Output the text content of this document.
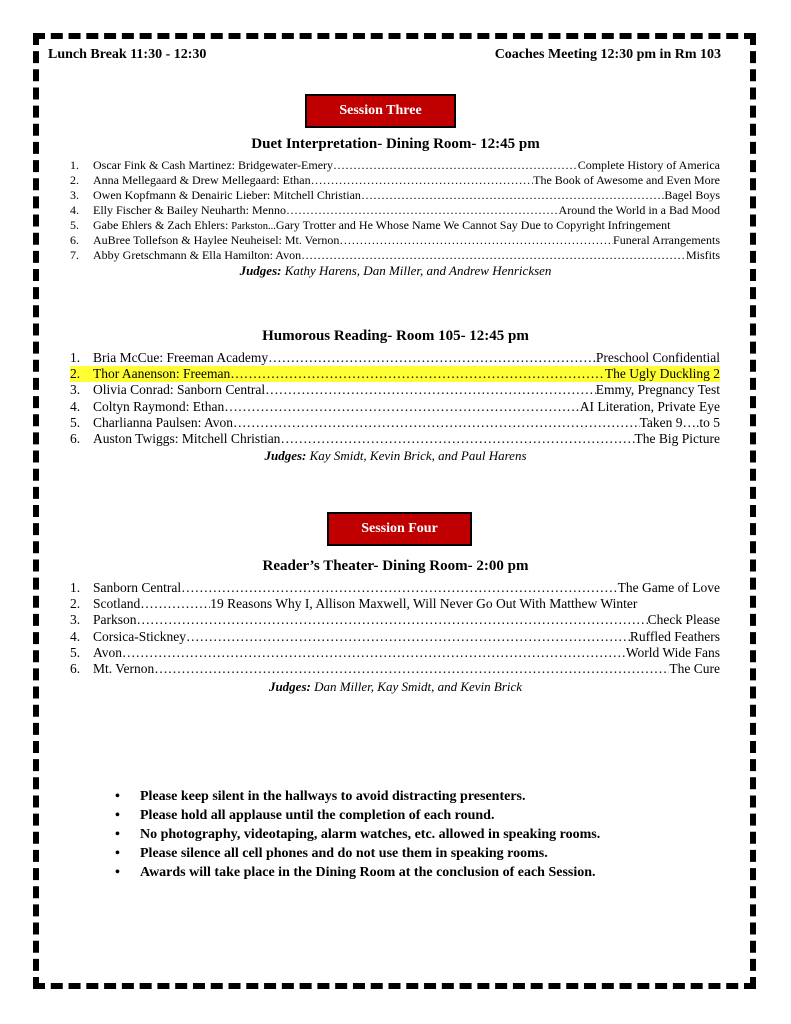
Lunch Break 11:30 - 12:30	Coaches Meeting 12:30 pm in Rm 103
Session Three
Duet Interpretation- Dining Room- 12:45 pm
1.	Oscar Fink & Cash Martinez: Bridgewater-Emery ……………………………………………………………………………………………………………………………………………………	Complete History of America
2.	Anna Mellegaard & Drew Mellegaard: Ethan ……………………………………………………………………………………………………………………………………………………	The Book of Awesome and Even More
3.	Owen Kopfmann & Denairic Lieber: Mitchell Christian ……………………………………………………………………………………………………………………………………………………	Bagel Boys
4.	Elly Fischer & Bailey Neuharth: Menno ……………………………………………………………………………………………………………………………………………………	Around the World in a Bad Mood
5.	Gabe Ehlers & Zach Ehlers: Parkston... Gary Trotter and He Whose Name We Cannot Say Due to Copyright Infringement
6.	AuBree Tollefson & Haylee Neuheisel: Mt. Vernon ……………………………………………………………………………………………………………………………………………………	Funeral Arrangements
7.	Abby Gretschmann & Ella Hamilton: Avon ……………………………………………………………………………………………………………………………………………………	Misfits
Judges: Kathy Harens, Dan Miller, and Andrew Henricksen
Humorous Reading- Room 105- 12:45 pm
1. Bria McCue: Freeman Academy ……………………………………………………………………………………………………………………………………………………	Preschool Confidential
2. Thor Aanenson: Freeman ……………………………………………………………………………………………………………………………………………………	The Ugly Duckling 2
3. Olivia Conrad: Sanborn Central ……………………………………………………………………………………………………………………………………………………	Emmy, Pregnancy Test
4. Coltyn Raymond: Ethan ……………………………………………………………………………………………………………………………………………………	AI Literation, Private Eye
5. Charlianna Paulsen: Avon ……………………………………………………………………………………………………………………………………………………	Taken 9….to 5
6. Auston Twiggs: Mitchell Christian ……………………………………………………………………………………………………………………………………………………	The Big Picture
Judges: Kay Smidt, Kevin Brick, and Paul Harens
Session Four
Reader’s Theater- Dining Room- 2:00 pm
1. Sanborn Central ……………………………………………………………………………………………………………………………………………………	The Game of Love
2. Scotland ……………………………………………………………………………………………………………………………………………………	19 Reasons Why I, Allison Maxwell, Will Never Go Out With Matthew Winter
3. Parkson ……………………………………………………………………………………………………………………………………………………	Check Please
4. Corsica-Stickney ……………………………………………………………………………………………………………………………………………………	Ruffled Feathers
5. Avon ……………………………………………………………………………………………………………………………………………………	World Wide Fans
6. Mt. Vernon ……………………………………………………………………………………………………………………………………………………	The Cure
Judges: Dan Miller, Kay Smidt, and Kevin Brick
• Please keep silent in the hallways to avoid distracting presenters.
• Please hold all applause until the completion of each round.
• No photography, videotaping, alarm watches, etc. allowed in speaking rooms.
• Please silence all cell phones and do not use them in speaking rooms.
• Awards will take place in the Dining Room at the conclusion of each Session.
